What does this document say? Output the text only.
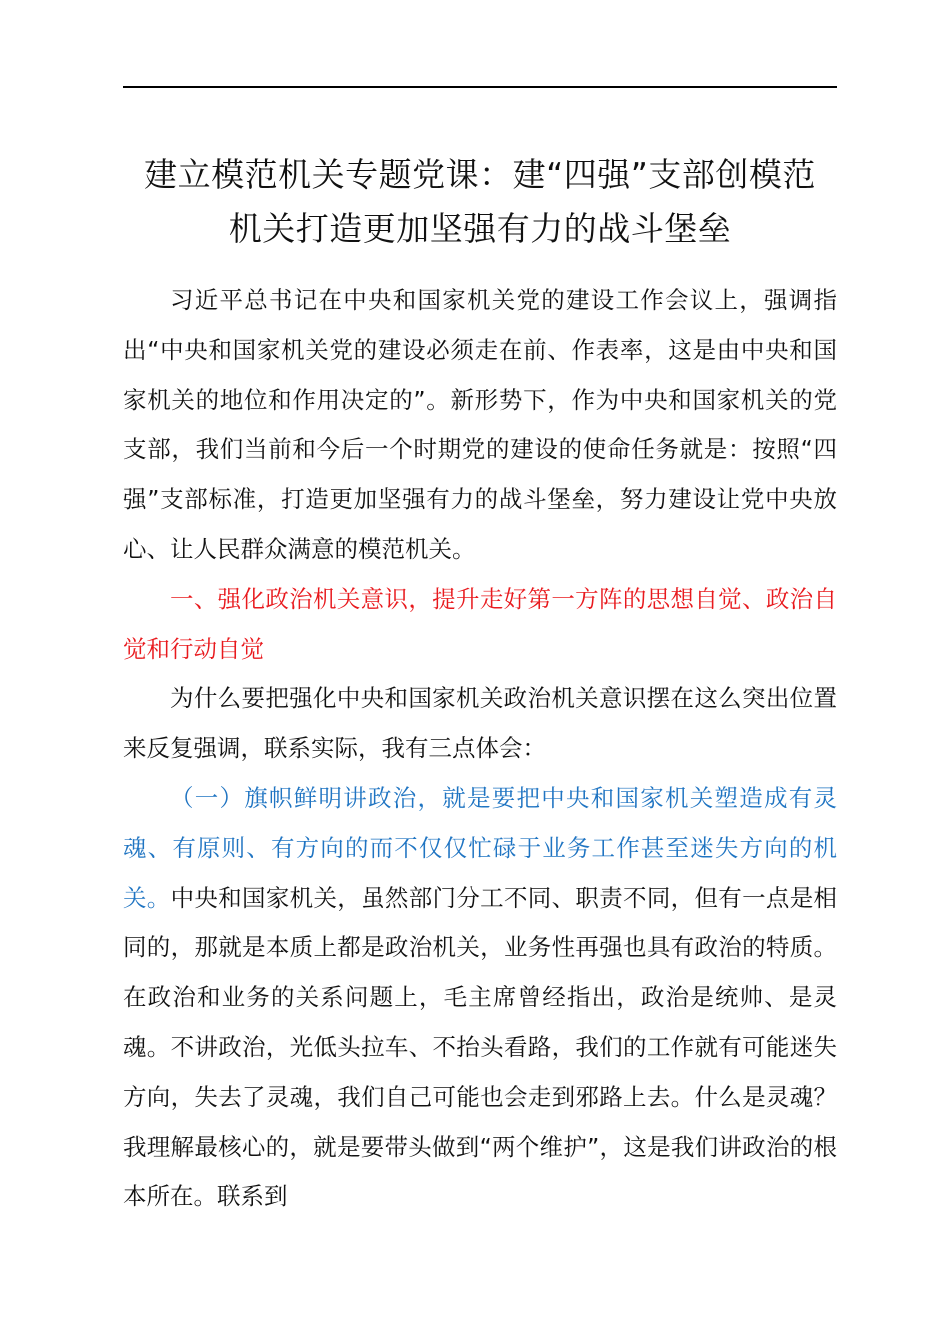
建立模范机关专题党课：建“四强”支部创模范
机关打造更加坚强有力的战斗堡垒

习近平总书记在中央和国家机关党的建设工作会议上，强调指出“中央和国家机关党的建设必须走在前、作表率，这是由中央和国家机关的地位和作用决定的”。新形势下，作为中央和国家机关的党支部，我们当前和今后一个时期党的建设的使命任务就是：按照“四强”支部标准，打造更加坚强有力的战斗堡垒，努力建设让党中央放心、让人民群众满意的模范机关。

一、强化政治机关意识，提升走好第一方阵的思想自觉、政治自觉和行动自觉

为什么要把强化中央和国家机关政治机关意识摆在这么突出位置来反复强调，联系实际，我有三点体会：

（一）旗帜鲜明讲政治，就是要把中央和国家机关塑造成有灵魂、有原则、有方向的而不仅仅忙碌于业务工作甚至迷失方向的机关。中央和国家机关，虽然部门分工不同、职责不同，但有一点是相同的，那就是本质上都是政治机关，业务性再强也具有政治的特质。在政治和业务的关系问题上，毛主席曾经指出，政治是统帅、是灵魂。不讲政治，光低头拉车、不抬头看路，我们的工作就有可能迷失方向，失去了灵魂，我们自己可能也会走到邪路上去。什么是灵魂？我理解最核心的，就是要带头做到“两个维护”，这是我们讲政治的根本所在。联系到
